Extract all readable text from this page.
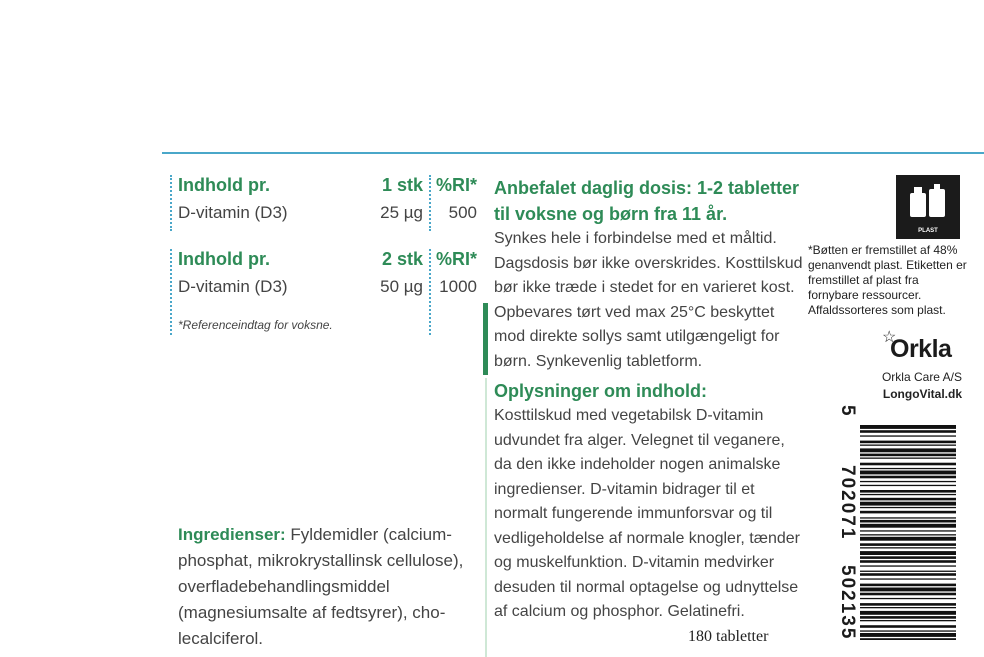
Indhold pr.	1 stk %RI*
D-vitamin (D3)	25 µg	500
Indhold pr.	2 stk %RI*
D-vitamin (D3)	50 µg 1000
*Referenceindtag for voksne.
Ingredienser: Fyldemidler (calciumphosphat, mikrokrystallinsk cellulose), overfladebehandlingsmiddel (magnesiumsalte af fedtsyrer), cholecalciferol.
Anbefalet daglig dosis: 1-2 tabletter til voksne og børn fra 11 år.

Synkes hele i forbindelse med et måltid. Dagsdosis bør ikke overskrides. Kosttilskud bør ikke træde i stedet for en varieret kost. Opbevares tørt ved max 25°C beskyttet mod direkte sollys samt utilgængeligt for børn. Synkevenlig tabletform.

Oplysninger om indhold:

Kosttilskud med vegetabilsk D-vitamin udvundet fra alger. Velegnet til veganere, da den ikke indeholder nogen animalske ingredienser. D-vitamin bidrager til et normalt fungerende immunforsvar og til vedligeholdelse af normale knogler, tænder og muskelfunktion. D-vitamin medvirker desuden til normal optagelse og udnyttelse af calcium og phosphor. Gelatinefri.

180 tabletter
PLAST
*Bøtten er fremstillet af 48% genanvendt plast. Etiketten er fremstillet af plast fra fornybare ressourcer. Affaldssorteres som plast.
☆
Orkla
Orkla Care A/S
LongoVital.dk
5
702071
502135
